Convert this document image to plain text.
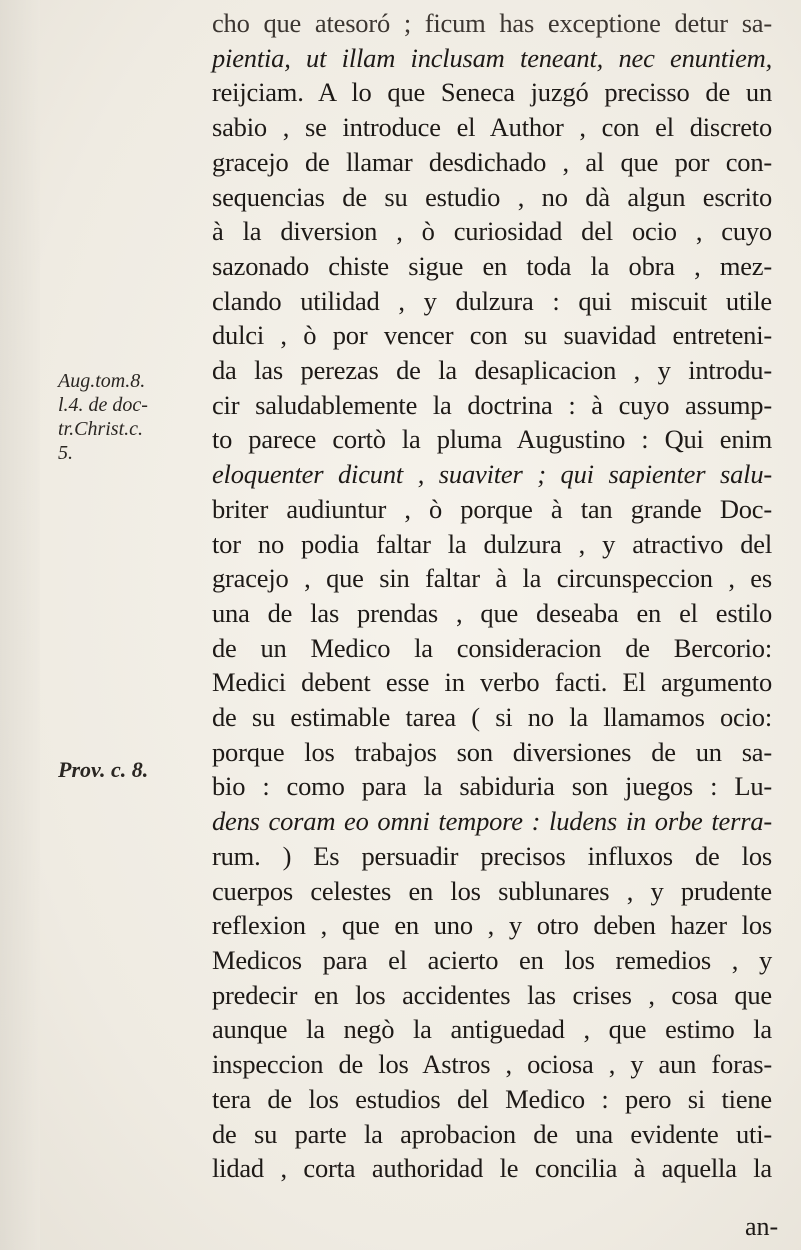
Aug.tom.8.
l.4. de doc-
tr.Christ.c.
5.
Prov. c. 8.
cho que atesoró ; ficum has exceptione detur sa-
pientia, ut illam inclusam teneant, nec enuntiem,
reijciam. A lo que Seneca juzgó precisso de un
sabio , se introduce el Author , con el discreto
gracejo de llamar desdichado , al que por con-
sequencias de su estudio , no dà algun escrito
à la diversion , ò curiosidad del ocio , cuyo
sazonado chiste sigue en toda la obra , mez-
clando utilidad , y dulzura : qui miscuit utile
dulci , ò por vencer con su suavidad entreteni-
da las perezas de la desaplicacion , y introdu-
cir saludablemente la doctrina : à cuyo assump-
to parece cortò la pluma Augustino : Qui enim
eloquenter dicunt , suaviter ; qui sapienter salu-
briter audiuntur , ò porque à tan grande Doc-
tor no podia faltar la dulzura , y atractivo del
gracejo , que sin faltar à la circunspeccion , es
una de las prendas , que deseaba en el estilo
de un Medico la consideracion de Bercorio:
Medici debent esse in verbo facti. El argumento
de su estimable tarea ( si no la llamamos ocio:
porque los trabajos son diversiones de un sa-
bio : como para la sabiduria son juegos : Lu-
dens coram eo omni tempore : ludens in orbe terra-
rum. ) Es persuadir precisos influxos de los
cuerpos celestes en los sublunares , y prudente
reflexion , que en uno , y otro deben hazer los
Medicos para el acierto en los remedios , y
predecir en los accidentes las crises , cosa que
aunque la negò la antiguedad , que estimo la
inspeccion de los Astros , ociosa , y aun foras-
tera de los estudios del Medico : pero si tiene
de su parte la aprobacion de una evidente uti-
lidad , corta authoridad le concilia à aquella la
an-
